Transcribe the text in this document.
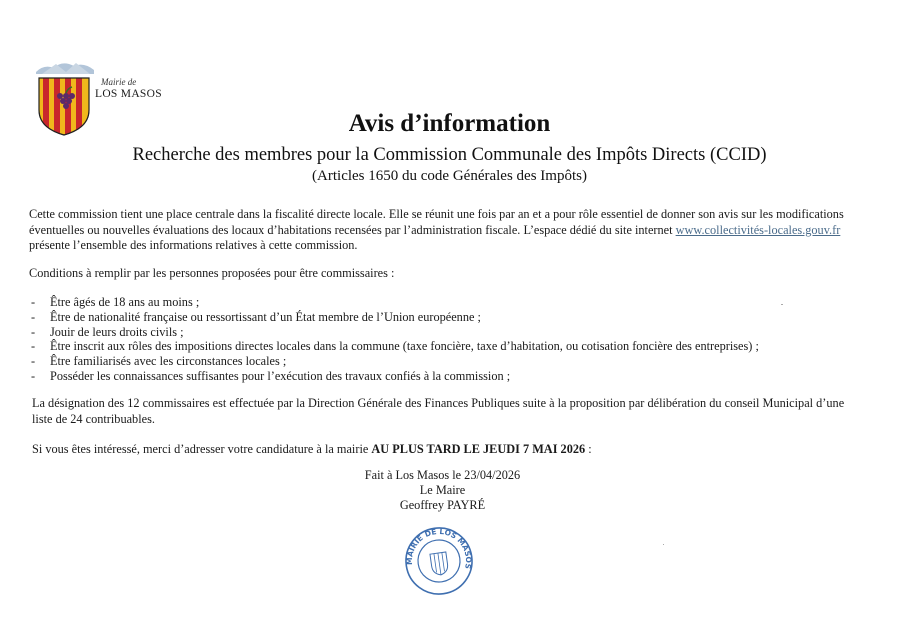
Mairie de
LOS MASOS
Avis d’information
Recherche des membres pour la Commission Communale des Impôts Directs (CCID)
(Articles 1650 du code Générales des Impôts)
Cette commission tient une place centrale dans la fiscalité directe locale. Elle se réunit une fois par an et a pour rôle essentiel de donner son avis sur les modifications éventuelles ou nouvelles évaluations des locaux d’habitations recensées par l’administration fiscale. L’espace dédié du site internet www.collectivités-locales.gouv.fr présente l’ensemble des informations relatives à cette commission.
Conditions à remplir par les personnes proposées pour être commissaires :
- Être âgés de 18 ans au moins ;
- Être de nationalité française ou ressortissant d’un État membre de l’Union européenne ;
- Jouir de leurs droits civils ;
- Être inscrit aux rôles des impositions directes locales dans la commune (taxe foncière, taxe d’habitation, ou cotisation foncière des entreprises) ;
- Être familiarisés avec les circonstances locales ;
- Posséder les connaissances suffisantes pour l’exécution des travaux confiés à la commission ;
La désignation des 12 commissaires est effectuée par la Direction Générale des Finances Publiques suite à la proposition par délibération du conseil Municipal d’une liste de 24 contribuables.
Si vous êtes intéressé, merci d’adresser votre candidature à la mairie AU PLUS TARD LE JEUDI 7 MAI 2026 :
Fait à Los Masos le 23/04/2026
Le Maire
Geoffrey PAYRÉ
MAIRIE DE LOS MASOS
